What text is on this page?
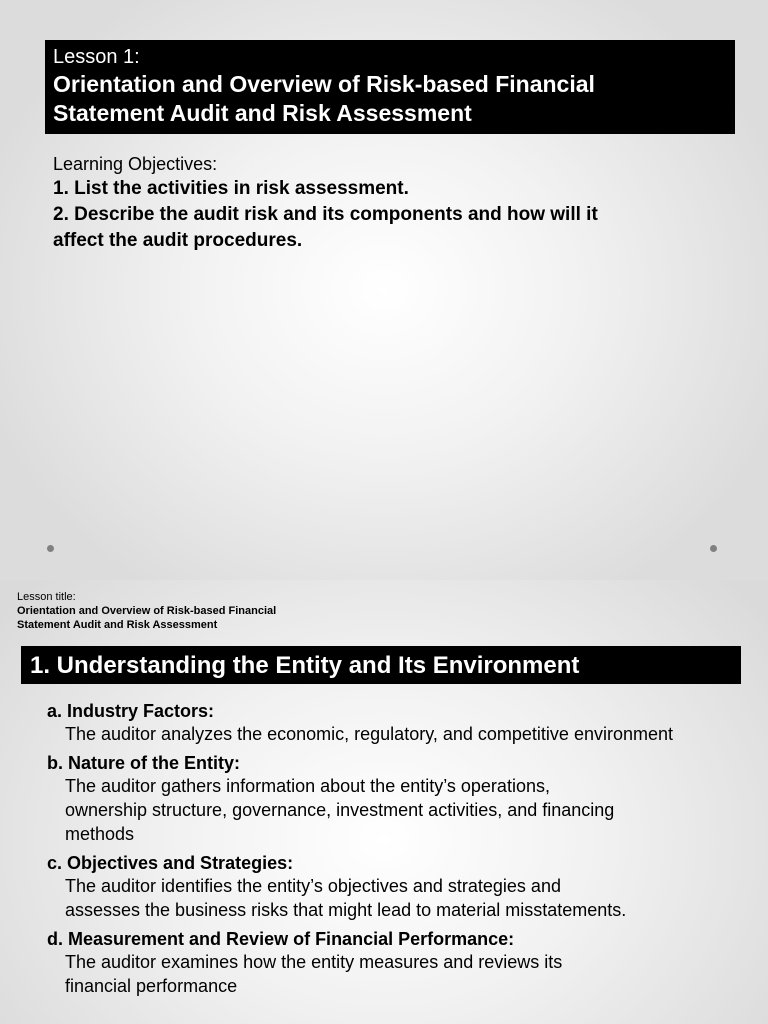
Lesson 1:
Orientation and Overview of Risk-based Financial
Statement Audit and Risk Assessment
Learning Objectives:
1. List the activities in risk assessment.
2. Describe the audit risk and its components and how will it
affect the audit procedures.
Lesson title:
Orientation and Overview of Risk-based Financial
Statement Audit and Risk Assessment
1. Understanding the Entity and Its Environment
a. Industry Factors:
The auditor analyzes the economic, regulatory, and competitive environment
b. Nature of the Entity:
The auditor gathers information about the entity’s operations,
ownership structure, governance, investment activities, and financing
methods
c. Objectives and Strategies:
The auditor identifies the entity’s objectives and strategies and
assesses the business risks that might lead to material misstatements.
d. Measurement and Review of Financial Performance:
The auditor examines how the entity measures and reviews its
financial performance
